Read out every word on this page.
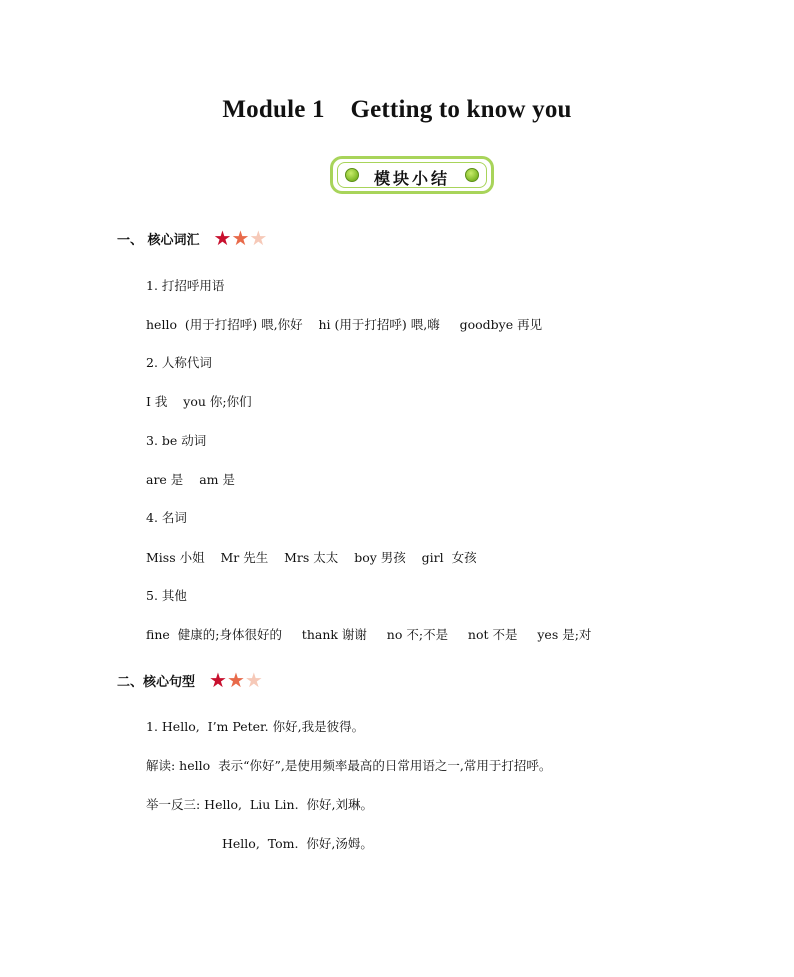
Module 1    Getting to know you
模块小结
一、 核心词汇 ★ ★ ★
1. 打招呼用语
hello  (用于打招呼) 喂,你好    hi (用于打招呼) 喂,嗨     goodbye 再见
2. 人称代词
I 我    you 你;你们
3. be 动词
are 是    am 是
4. 名词
Miss 小姐    Mr 先生    Mrs 太太    boy 男孩    girl  女孩
5. 其他
fine  健康的;身体很好的     thank 谢谢     no 不;不是     not 不是     yes 是;对
二、核心句型 ★ ★ ★
1. Hello,  I’m Peter. 你好,我是彼得。
解读: hello  表示“你好”,是使用频率最高的日常用语之一,常用于打招呼。
举一反三: Hello,  Liu Lin.  你好,刘琳。
Hello,  Tom.  你好,汤姆。
